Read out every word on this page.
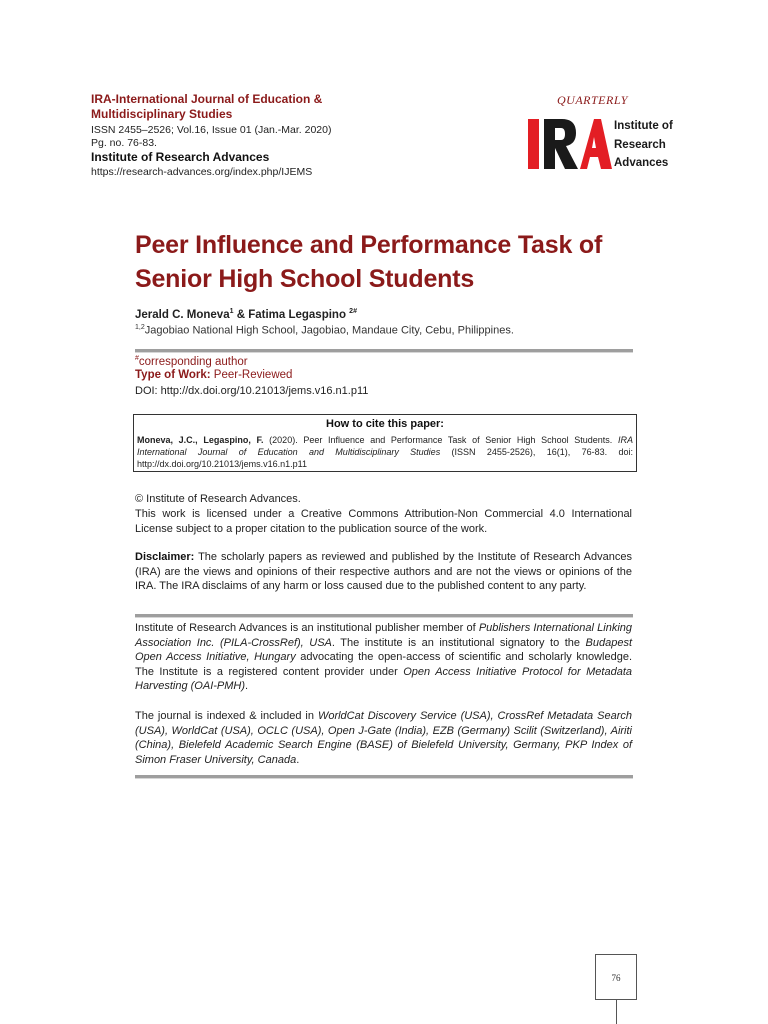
IRA-International Journal of Education & Multidisciplinary Studies
ISSN 2455–2526; Vol.16, Issue 01 (Jan.-Mar. 2020)
Pg. no. 76-83.
Institute of Research Advances
https://research-advances.org/index.php/IJEMS
QUARTERLY
Institute of
Research
Advances
Peer Influence and Performance Task of Senior High School Students
Jerald C. Moneva$^1$ & Fatima Legaspino $^{2\#}$
$^{1,2}$Jagobiao National High School, Jagobiao, Mandaue City, Cebu, Philippines.
#corresponding author
Type of Work: Peer-Reviewed
DOI: http://dx.doi.org/10.21013/jems.v16.n1.p11
How to cite this paper:
Moneva, J.C., Legaspino, F. (2020). Peer Influence and Performance Task of Senior High School Students. IRA International Journal of Education and Multidisciplinary Studies (ISSN 2455-2526), 16(1), 76-83. doi: http://dx.doi.org/10.21013/jems.v16.n1.p11
© Institute of Research Advances.
This work is licensed under a Creative Commons Attribution-Non Commercial 4.0 International License subject to a proper citation to the publication source of the work.
Disclaimer: The scholarly papers as reviewed and published by the Institute of Research Advances (IRA) are the views and opinions of their respective authors and are not the views or opinions of the IRA. The IRA disclaims of any harm or loss caused due to the published content to any party.
Institute of Research Advances is an institutional publisher member of Publishers International Linking Association Inc. (PILA-CrossRef), USA. The institute is an institutional signatory to the Budapest Open Access Initiative, Hungary advocating the open-access of scientific and scholarly knowledge. The Institute is a registered content provider under Open Access Initiative Protocol for Metadata Harvesting (OAI-PMH).
The journal is indexed & included in WorldCat Discovery Service (USA), CrossRef Metadata Search (USA), WorldCat (USA), OCLC (USA), Open J-Gate (India), EZB (Germany) Scilit (Switzerland), Airiti (China), Bielefeld Academic Search Engine (BASE) of Bielefeld University, Germany, PKP Index of Simon Fraser University, Canada.
76
